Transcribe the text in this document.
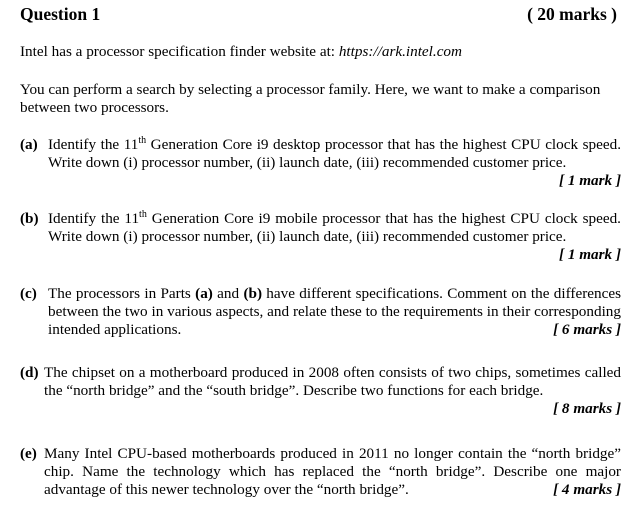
Question 1	( 20 marks )
Intel has a processor specification finder website at: https://ark.intel.com
You can perform a search by selecting a processor family. Here, we want to make a comparison between two processors.
(a) Identify the 11th Generation Core i9 desktop processor that has the highest CPU clock speed. Write down (i) processor number, (ii) launch date, (iii) recommended customer price.
[ 1 mark ]
(b) Identify the 11th Generation Core i9 mobile processor that has the highest CPU clock speed. Write down (i) processor number, (ii) launch date, (iii) recommended customer price.
[ 1 mark ]
(c) The processors in Parts (a) and (b) have different specifications. Comment on the differences between the two in various aspects, and relate these to the requirements in their corresponding intended applications.	[ 6 marks ]
(d) The chipset on a motherboard produced in 2008 often consists of two chips, sometimes called the “north bridge” and the “south bridge”. Describe two functions for each bridge.

[ 8 marks ]
(e) Many Intel CPU-based motherboards produced in 2011 no longer contain the “north bridge” chip. Name the technology which has replaced the “north bridge”. Describe one major advantage of this newer technology over the “north bridge”.	[ 4 marks ]
